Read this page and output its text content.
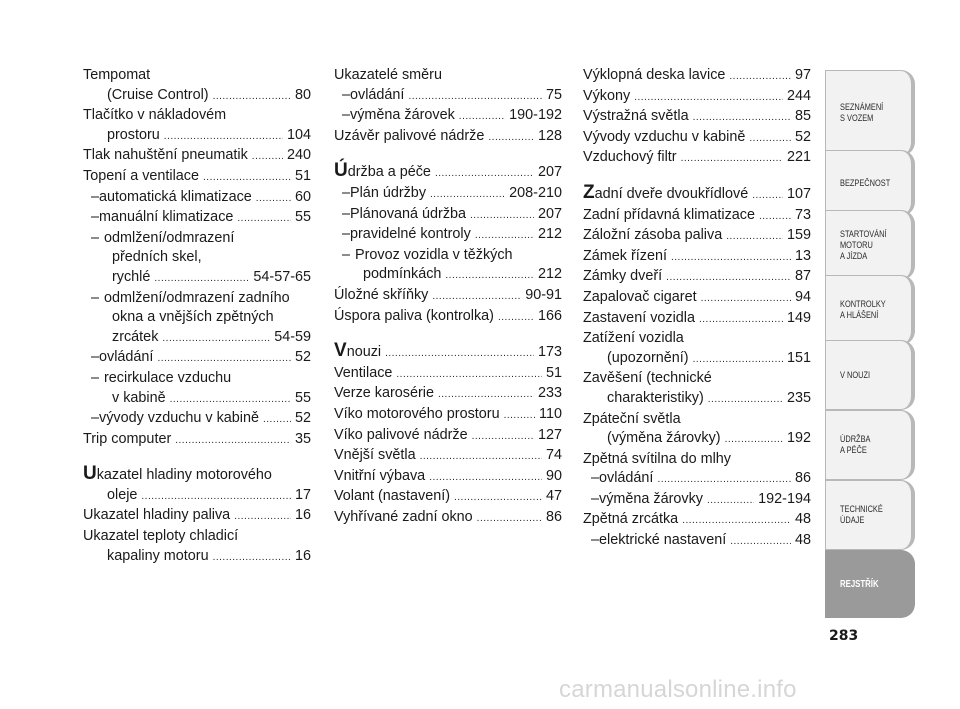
Tempomat
(Cruise Control) .....	80
Tlačítko v nákladovém
prostoru .....	104
Tlak nahuštění pneumatik .....	240
Topení a ventilace .....	51
– automatická klimatizace .....	60
– manuální klimatizace .....	55
– odmlžení/odmrazení
předních skel,
rychlé .....	54-57-65
– odmlžení/odmrazení zadního
okna a vnějších zpětných
zrcátek .....	54-59
– ovládání .....	52
– recirkulace vzduchu
v kabině .....	55
– vývody vzduchu v kabině ..... 52
Trip computer .....	35
U kazatel hladiny motorového
oleje .....	17
Ukazatel hladiny paliva .....	16
Ukazatel teploty chladicí
kapaliny motoru .....	16
Ukazatelé směru
– ovládání .....	75
– výměna žárovek .....	190-192
Uzávěr palivové nádrže .....	128
Ú držba a péče .....	207
– Plán údržby .....	208-210
– Plánovaná údržba .....	207
– pravidelné kontroly .....	212
– Provoz vozidla v těžkých
podmínkách .....	212
Úložné skříňky .....	90-91
Úspora paliva (kontrolka) .....	166
V nouzi .....	173
Ventilace .....	51
Verze karosérie .....	233
Víko motorového prostoru .....	110
Víko palivové nádrže .....	127
Vnější světla .....	74
Vnitřní výbava .....	90
Volant (nastavení) .....	47
Vyhřívané zadní okno .....	86
Výklopná deska lavice .....	97
Výkony .....	244
Výstražná světla .....	85
Vývody vzduchu v kabině .....	52
Vzduchový filtr .....	221
Z adní dveře dvoukřídlové .....	107
Zadní přídavná klimatizace .....	73
Záložní zásoba paliva .....	159
Zámek řízení .....	13
Zámky dveří .....	87
Zapalovač cigaret .....	94
Zastavení vozidla .....	149
Zatížení vozidla
(upozornění) .....	151
Zavěšení (technické
charakteristiky) .....	235
Zpáteční světla
(výměna žárovky) .....	192
Zpětná svítilna do mlhy
– ovládání .....	86
– výměna žárovky .....	192-194
Zpětná zrcátka .....	48
– elektrické nastavení .....	48
SEZNÁMENÍ
S VOZEM
BEZPEČNOST
STARTOVÁNÍ
MOTORU
A JÍZDA
KONTROLKY
A HLÁŠENÍ
V NOUZI
ÚDRŽBA
A PÉČE
TECHNICKÉ
ÚDAJE
REJSTŘÍK
283
carmanualsonline.info
